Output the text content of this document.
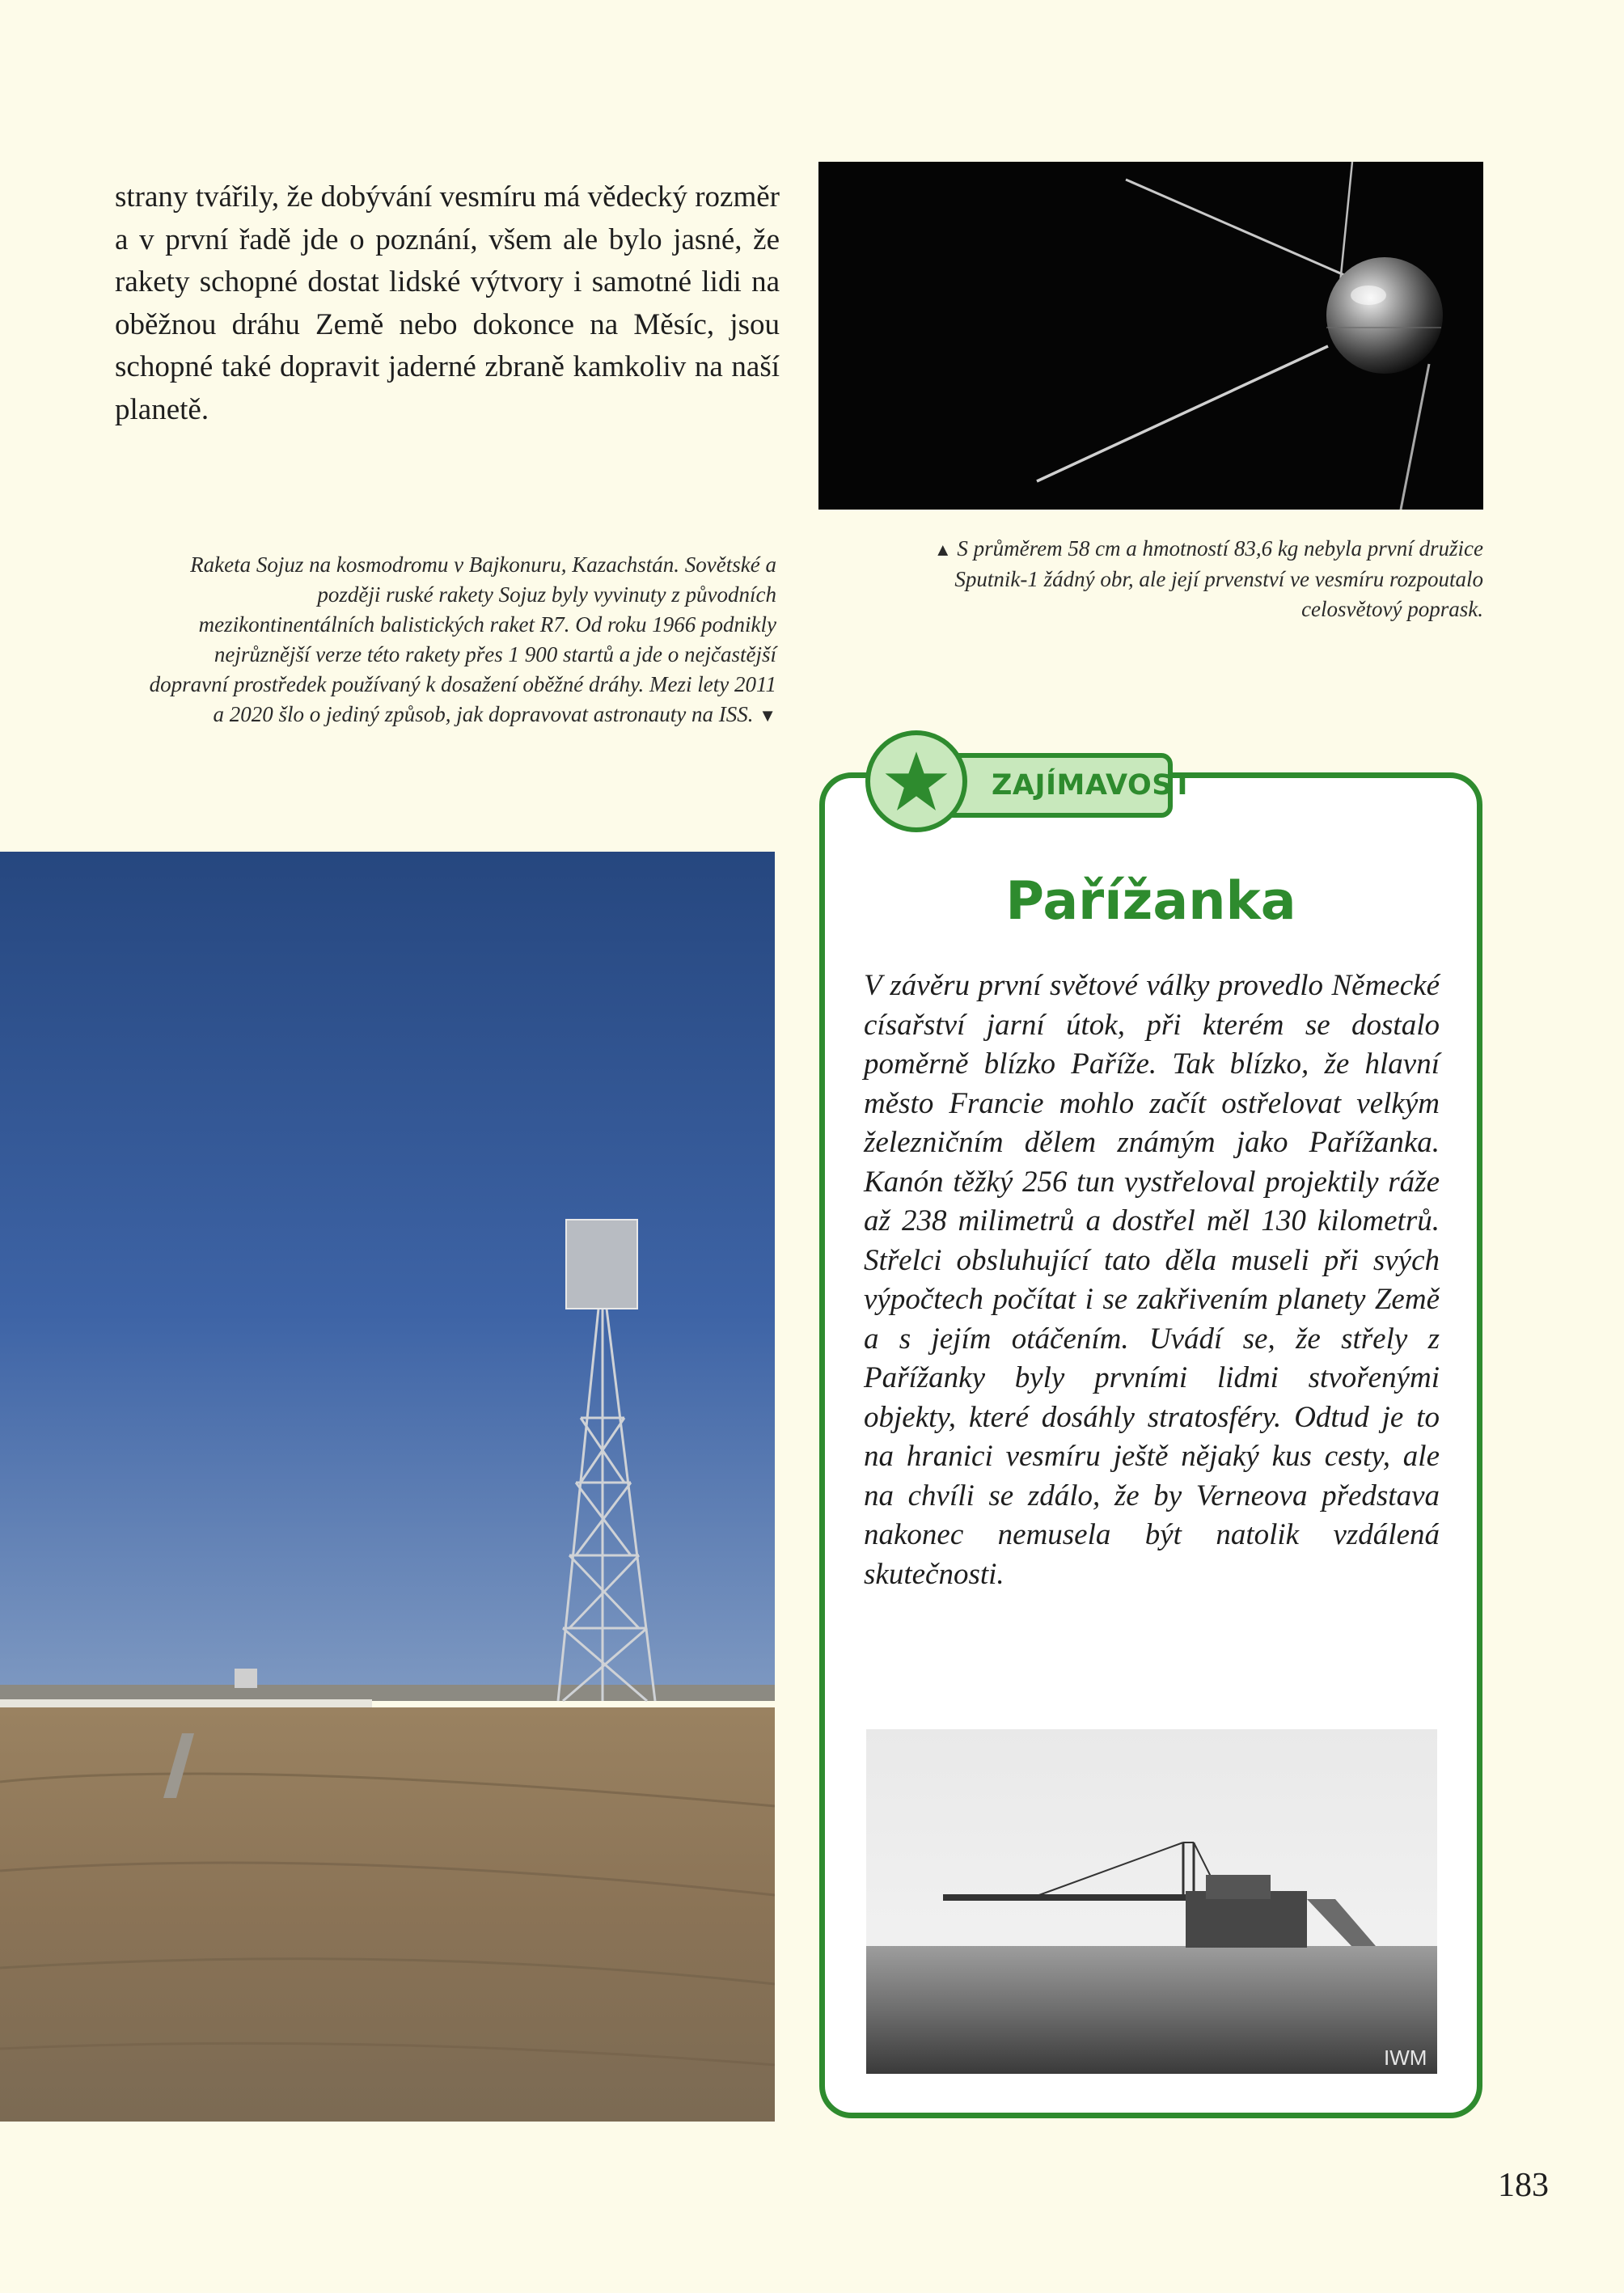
strany tvářily, že dobývání vesmíru má vědecký rozměr a v první řadě jde o poznání, všem ale bylo jasné, že rakety schopné dostat lidské výtvory i samotné lidi na oběžnou dráhu Země nebo dokonce na Měsíc, jsou schopné také dopravit jaderné zbraně kamkoliv na naší planetě.

▲ S průměrem 58 cm a hmotností 83,6 kg nebyla první družice Sputnik-1 žádný obr, ale její prvenství ve vesmíru rozpoutalo celosvětový poprask.

Raketa Sojuz na kosmodromu v Bajkonuru, Kazachstán. Sovětské a později ruské rakety Sojuz byly vyvinuty z původních mezikontinentálních balistických raket R7. Od roku 1966 podnikly nejrůznější verze této rakety přes 1 900 startů a jde o nejčastější dopravní prostředek používaný k dosažení oběžné dráhy. Mezi lety 2011 a 2020 šlo o jediný způsob, jak dopravovat astronauty na ISS. ▼

ZAJÍMAVOST
Pařížanka

V závěru první světové války provedlo Německé císařství jarní útok, při kterém se dostalo poměrně blízko Paříže. Tak blízko, že hlavní město Francie mohlo začít ostřelovat velkým železničním dělem známým jako Pařížanka. Kanón těžký 256 tun vystřeloval projektily ráže až 238 milimetrů a dostřel měl 130 kilometrů. Střelci obsluhující tato děla museli při svých výpočtech počítat i se zakřivením planety Země a s jejím otáčením. Uvádí se, že střely z Pařížanky byly prvními lidmi stvořenými objekty, které dosáhly stratosféry. Odtud je to na hranici vesmíru ještě nějaký kus cesty, ale na chvíli se zdálo, že by Verneova představa nakonec nemusela být natolik vzdálená skutečnosti.

IWM

183
